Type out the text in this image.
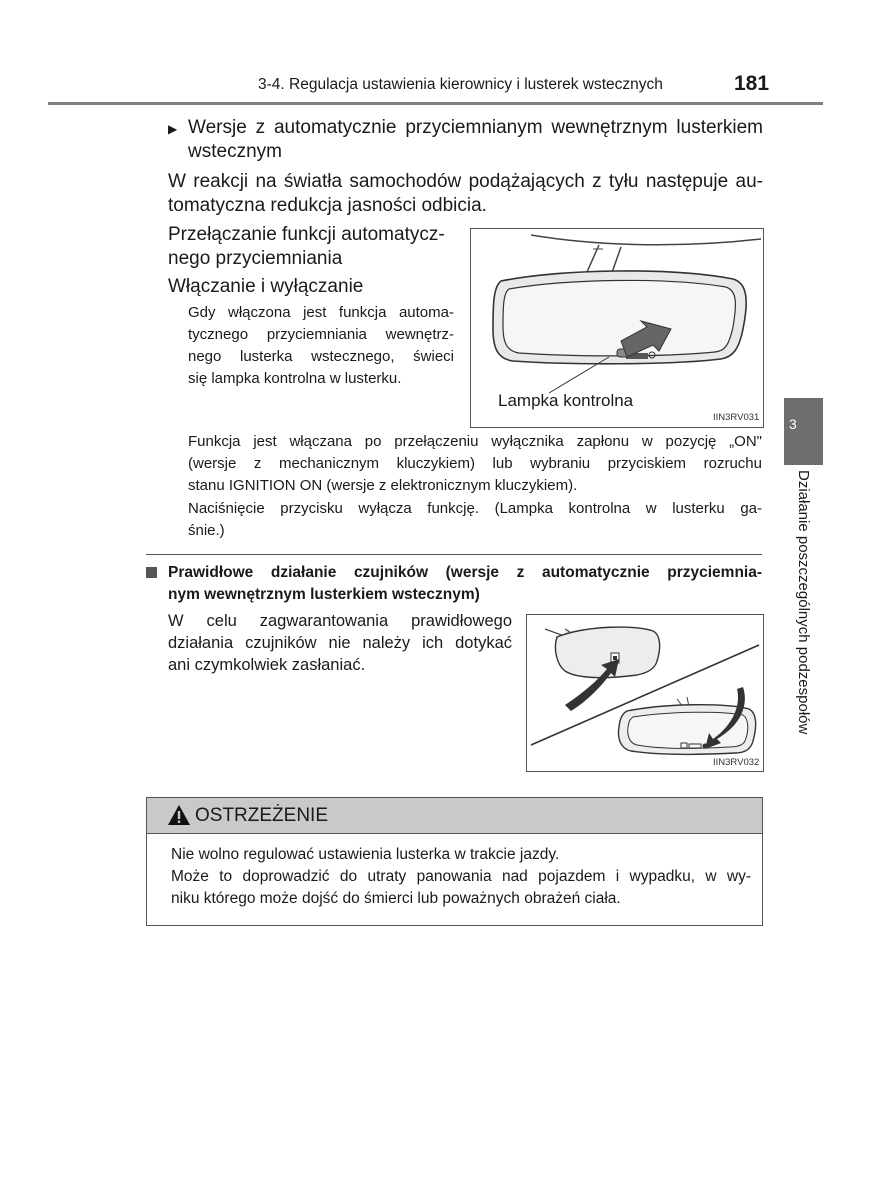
3-4. Regulacja ustawienia kierownicy i lusterek wstecznych	181
3
Działanie poszczególnych podzespołów
▶ Wersje z automatycznie przyciemnianym wewnętrznym lusterkiem
wstecznym
W reakcji na światła samochodów podążających z tyłu następuje au-
tomatyczna redukcja jasności odbicia.
Przełączanie funkcji automatycz-
nego przyciemniania
Włączanie i wyłączanie
Gdy włączona jest funkcja automa-
tycznego przyciemniania wewnętrz-
nego lusterka wstecznego, świeci
się lampka kontrolna w lusterku.
Lampka kontrolna
IIN3RV031
Funkcja jest włączana po przełączeniu wyłącznika zapłonu w pozycję „ON"
(wersje z mechanicznym kluczykiem) lub wybraniu przyciskiem rozruchu
stanu IGNITION ON (wersje z elektronicznym kluczykiem).
Naciśnięcie przycisku wyłącza funkcję. (Lampka kontrolna w lusterku ga-
śnie.)
Prawidłowe działanie czujników (wersje z automatycznie przyciemnia-
nym wewnętrznym lusterkiem wstecznym)
W celu zagwarantowania prawidłowego
działania czujników nie należy ich dotykać
ani czymkolwiek zasłaniać.
IIN3RV032
OSTRZEŻENIE
Nie wolno regulować ustawienia lusterka w trakcie jazdy.
Może to doprowadzić do utraty panowania nad pojazdem i wypadku, w wy-
niku którego może dojść do śmierci lub poważnych obrażeń ciała.
